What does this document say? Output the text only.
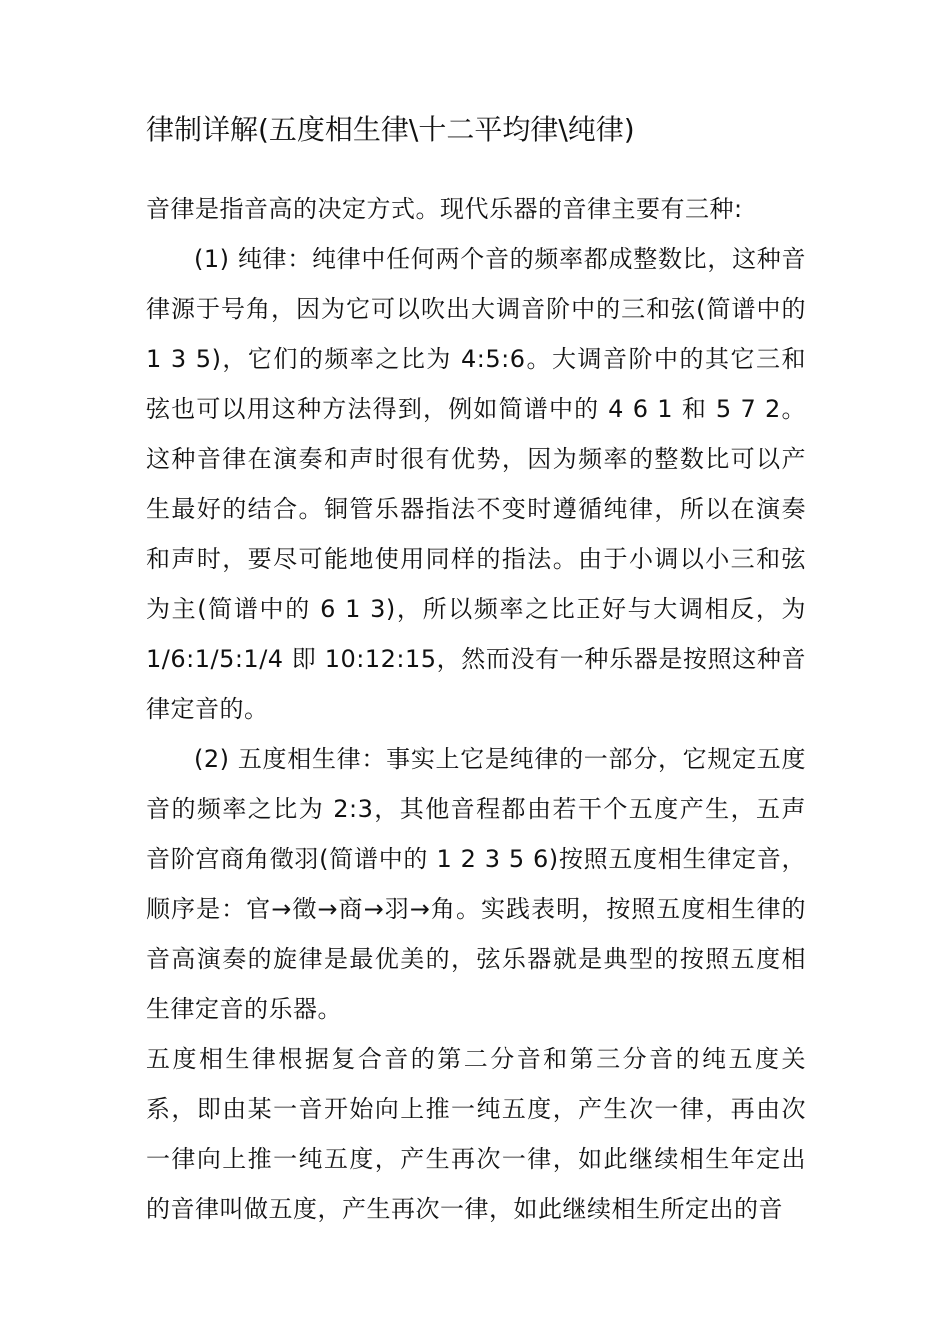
律制详解(五度相生律\十二平均律\纯律)

音律是指音高的决定方式。现代乐器的音律主要有三种:

(1) 纯律：纯律中任何两个音的频率都成整数比，这种音律源于号角，因为它可以吹出大调音阶中的三和弦(简谱中的 1 3 5)，它们的频率之比为 4:5:6。大调音阶中的其它三和弦也可以用这种方法得到，例如简谱中的 4 6 1 和 5 7 2。这种音律在演奏和声时很有优势，因为频率的整数比可以产生最好的结合。铜管乐器指法不变时遵循纯律，所以在演奏和声时，要尽可能地使用同样的指法。由于小调以小三和弦为主(简谱中的 6 1 3)，所以频率之比正好与大调相反，为 1/6:1/5:1/4 即 10:12:15，然而没有一种乐器是按照这种音律定音的。

(2) 五度相生律：事实上它是纯律的一部分，它规定五度音的频率之比为 2:3，其他音程都由若干个五度产生，五声音阶宫商角徵羽(简谱中的 1 2 3 5 6)按照五度相生律定音，顺序是：官→徵→商→羽→角。实践表明，按照五度相生律的音高演奏的旋律是最优美的，弦乐器就是典型的按照五度相生律定音的乐器。

五度相生律根据复合音的第二分音和第三分音的纯五度关系，即由某一音开始向上推一纯五度，产生次一律，再由次一律向上推一纯五度，产生再次一律，如此继续相生年定出的音律叫做五度，产生再次一律，如此继续相生所定出的音
